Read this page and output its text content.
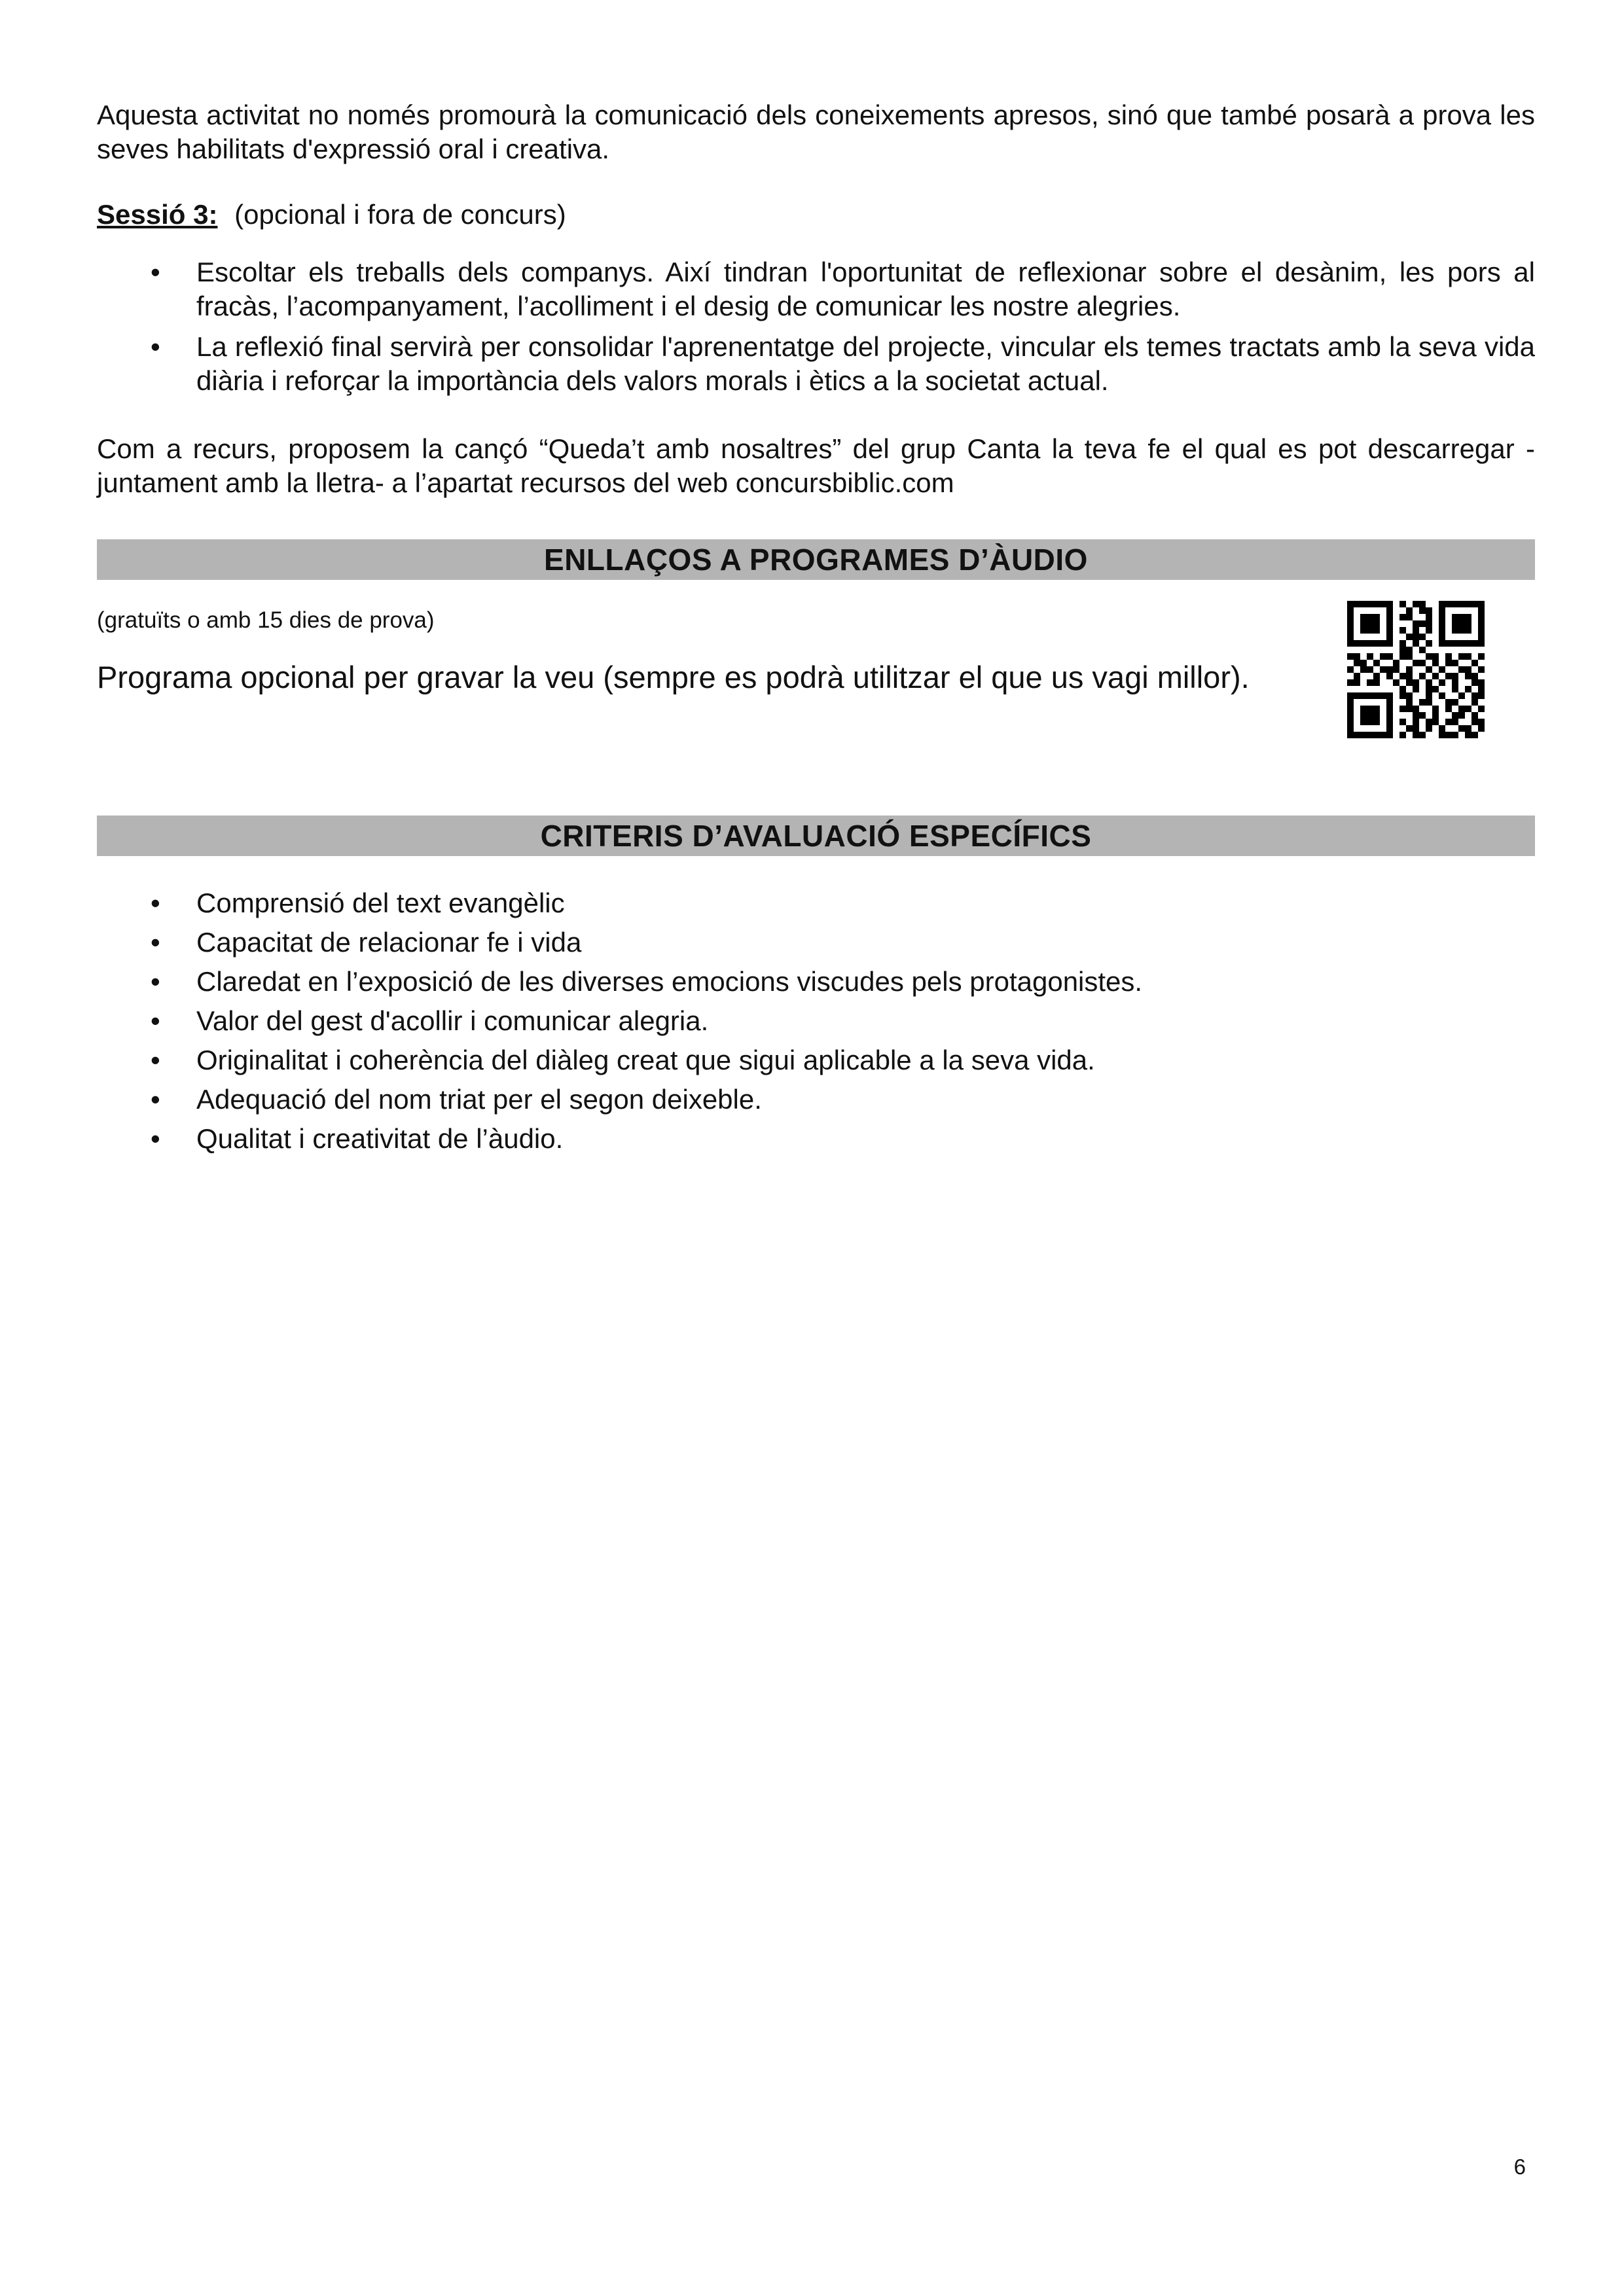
Aquesta activitat no només promourà la comunicació dels coneixements apresos, sinó que també posarà a prova les seves habilitats d'expressió oral i creativa.

Sessió 3: (opcional i fora de concurs)

• Escoltar els treballs dels companys. Així tindran l'oportunitat de reflexionar sobre el desànim, les pors al fracàs, l’acompanyament, l’acolliment i el desig de comunicar les nostre alegries.
• La reflexió final servirà per consolidar l'aprenentatge del projecte, vincular els temes tractats amb la seva vida diària i reforçar la importància dels valors morals i ètics a la societat actual.

Com a recurs, proposem la cançó “Queda’t amb nosaltres” del grup Canta la teva fe el qual es pot descarregar -juntament amb la lletra- a l’apartat recursos del web concursbiblic.com

ENLLAÇOS A PROGRAMES D’ÀUDIO

(gratuïts o amb 15 dies de prova)

Programa opcional per gravar la veu (sempre es podrà utilitzar el que us vagi millor).

CRITERIS D’AVALUACIÓ ESPECÍFICS
• Comprensió del text evangèlic
• Capacitat de relacionar fe i vida
• Claredat en l’exposició de les diverses emocions viscudes pels protagonistes.
• Valor del gest d'acollir i comunicar alegria.
• Originalitat i coherència del diàleg creat que sigui aplicable a la seva vida.
• Adequació del nom triat per el segon deixeble.
• Qualitat i creativitat de l’àudio.
6
